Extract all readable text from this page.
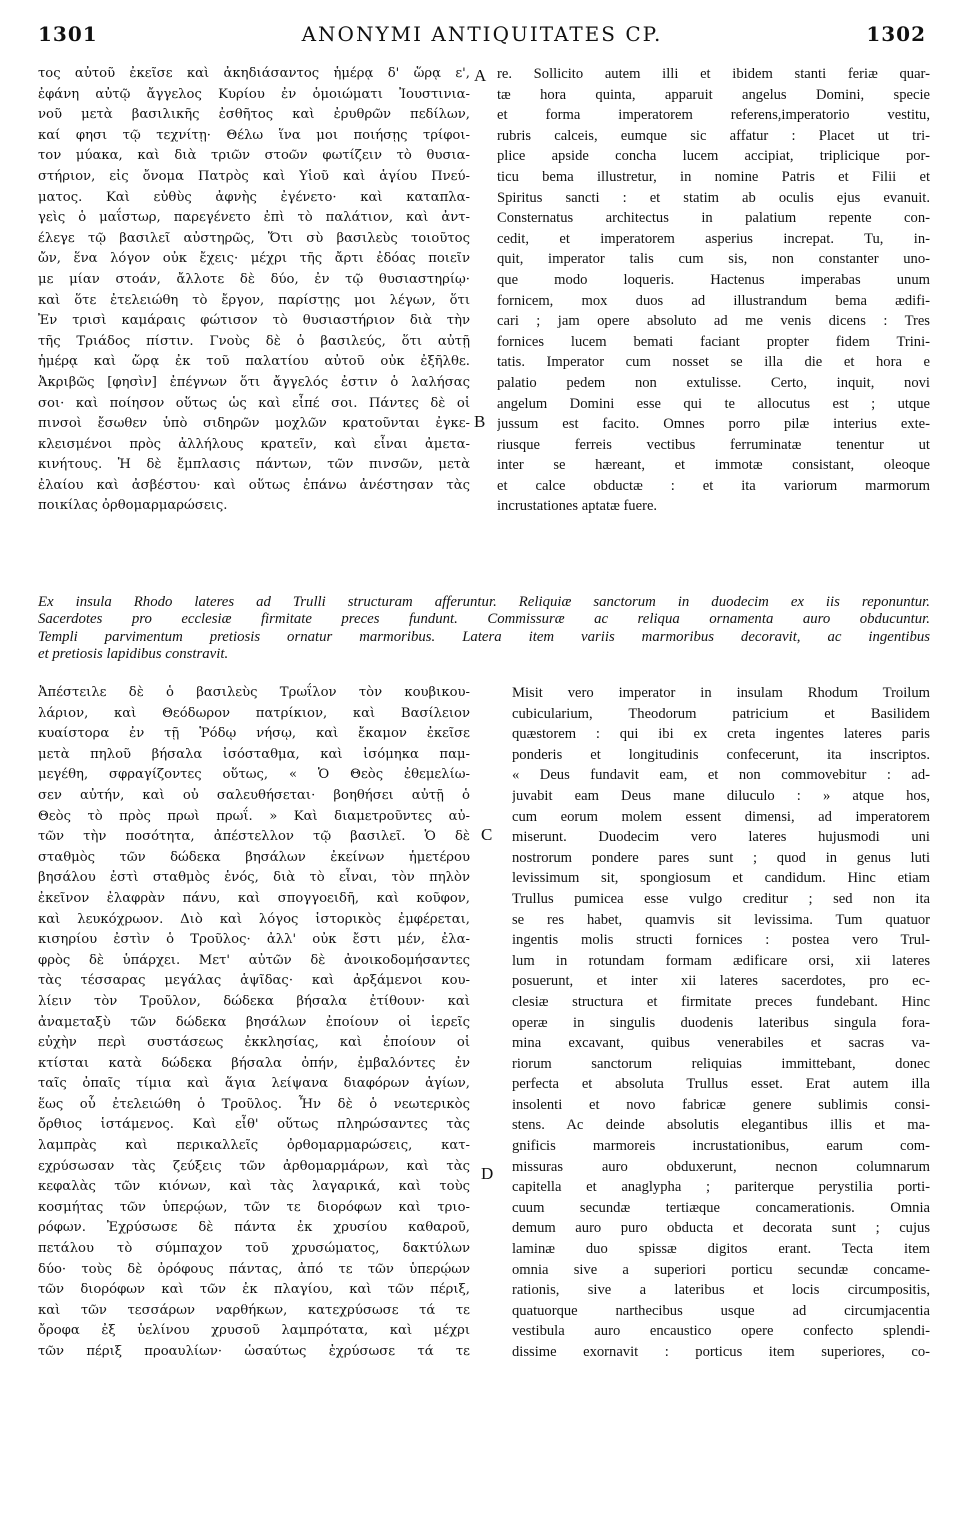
1301	ANONYMI ANTIQUITATES CP.	1302
τος αὐτοῦ ἐκεῖσε καὶ ἀκηδιάσαντος ἡμέρᾳ δ' ὥρᾳ ε',
ἐφάνη αὐτῷ ἄγγελος Κυρίου ἐν ὁμοιώματι Ἰουστινια-
νοῦ μετὰ βασιλικῆς ἐσθῆτος καὶ ἐρυθρῶν πεδίλων,
καί φησι τῷ τεχνίτῃ· Θέλω ἵνα μοι ποιήσῃς τρίφοι-
τον μύακα, καὶ διὰ τριῶν στοῶν φωτίζειν τὸ θυσια-
στήριον, εἰς ὄνομα Πατρὸς καὶ Υἱοῦ καὶ ἁγίου Πνεύ-
ματος. Καὶ εὐθὺς ἀφνὴς ἐγένετο· καὶ καταπλα-
γεὶς ὁ μαΐστωρ, παρεγένετο ἐπὶ τὸ παλάτιον, καὶ ἀντ-
έλεγε τῷ βασιλεῖ αὐστηρῶς, Ὅτι σὺ βασιλεὺς τοιοῦτος
ὤν, ἕνα λόγον οὐκ ἔχεις· μέχρι τῆς ἄρτι ἐδόας ποιεῖν
με μίαν στοάν, ἄλλοτε δὲ δύο, ἐν τῷ θυσιαστηρίῳ·
καὶ ὅτε ἐτελειώθη τὸ ἔργον, παρίστῃς μοι λέγων, ὅτι
Ἐν τρισὶ καμάραις φώτισον τὸ θυσιαστήριον διὰ τὴν
τῆς Τριάδος πίστιν. Γνοὺς δὲ ὁ βασιλεύς, ὅτι αὐτῇ
ἡμέρᾳ καὶ ὥρᾳ ἐκ τοῦ παλατίου αὐτοῦ οὐκ ἐξῆλθε.
Ἀκριβῶς [φησὶν] ἐπέγνων ὅτι ἄγγελός ἐστιν ὁ λαλήσας
σοι· καὶ ποίησον οὕτως ὡς καὶ εἶπέ σοι. Πάντες δὲ οἱ
πινσοὶ ἔσωθεν ὑπὸ σιδηρῶν μοχλῶν κρατοῦνται ἐγκε-
κλεισμένοι πρὸς ἀλλήλους κρατεῖν, καὶ εἶναι ἀμετα-
κινήτους. Ἡ δὲ ἔμπλασις πάντων, τῶν πινσῶν, μετὰ
ἐλαίου καὶ ἀσβέστου· καὶ οὕτως ἐπάνω ἀνέστησαν τὰς
ποικίλας ὀρθομαρμαρώσεις.
re. Sollicito autem illi et ibidem stanti feriæ quar-
tæ hora quinta, apparuit angelus Domini, specie
et forma imperatorem referens,imperatorio vestitu,
rubris calceis, eumque sic affatur : Placet ut tri-
plice apside concha lucem accipiat, triplicique por-
ticu bema illustretur, in nomine Patris et Filii et
Spiritus sancti : et statim ab oculis ejus evanuit.
Consternatus architectus in palatium repente con-
cedit, et imperatorem asperius increpat. Tu, in-
quit, imperator talis cum sis, non constanter uno-
que modo loqueris. Hactenus imperabas unum
fornicem, mox duos ad illustrandum bema ædifi-
cari ; jam opere absoluto ad me venis dicens : Tres
fornices lucem bemati faciant propter fidem Trini-
tatis. Imperator cum nosset se illa die et hora e
palatio pedem non extulisse. Certo, inquit, novi
angelum Domini esse qui te allocutus est ; utque
jussum est facito. Omnes porro pilæ interius exte-
riusque ferreis vectibus ferruminatæ tenentur ut
inter se hæreant, et immotæ consistant, oleoque
et calce obductæ : et ita variorum marmorum
incrustationes aptatæ fuere.
A
B
Ex insula Rhodo lateres ad Trulli structuram afferuntur. Reliquiæ sanctorum in duodecim ex iis reponuntur.
Sacerdotes pro ecclesiæ firmitate preces fundunt. Commissuræ ac reliqua ornamenta auro obducuntur.
Templi parvimentum pretiosis ornatur marmoribus. Latera item variis marmoribus decoravit, ac ingentibus
et pretiosis lapidibus constravit.
Ἀπέστειλε δὲ ὁ βασιλεὺς Τρωΐλον τὸν κουβικου-
λάριον, καὶ Θεόδωρον πατρίκιον, καὶ Βασίλειον
κυαίστορα ἐν τῇ Ῥόδῳ νήσῳ, καὶ ἔκαμον ἐκεῖσε
μετὰ πηλοῦ βήσαλα ἰσόσταθμα, καὶ ἰσόμηκα παμ-
μεγέθη, σφραγίζοντες οὕτως, « Ὁ Θεὸς ἐθεμελίω-
σεν αὐτήν, καὶ οὐ σαλευθήσεται· βοηθήσει αὐτῇ ὁ
Θεὸς τὸ πρὸς πρωὶ πρωΐ. » Καὶ διαμετροῦντες αὐ-
τῶν τὴν ποσότητα, ἀπέστελλον τῷ βασιλεῖ. Ὁ δὲ
σταθμὸς τῶν δώδεκα βησάλων ἐκείνων ἡμετέρου
βησάλου ἐστὶ σταθμὸς ἑνός, διὰ τὸ εἶναι, τὸν πηλὸν
ἐκεῖνον ἐλαφρὰν πάνυ, καὶ σπογγοειδῆ, καὶ κοῦφον,
καὶ λευκόχρωον. Διὸ καὶ λόγος ἱστορικὸς ἐμφέρεται,
κισηρίου ἐστὶν ὁ Τροῦλος· ἀλλ' οὐκ ἔστι μέν, ἐλα-
φρὸς δὲ ὑπάρχει. Μετ' αὐτῶν δὲ ἀνοικοδομήσαντες
τὰς τέσσαρας μεγάλας ἁψῖδας· καὶ ἀρξάμενοι κου-
λίειν τὸν Τροῦλον, δώδεκα βήσαλα ἐτίθουν· καὶ
ἀναμεταξὺ τῶν δώδεκα βησάλων ἐποίουν οἱ ἱερεῖς
εὐχὴν περὶ συστάσεως ἐκκλησίας, καὶ ἐποίουν οἱ
κτίσται κατὰ δώδεκα βήσαλα ὀπήν, ἐμβαλόντες ἐν
ταῖς ὀπαῖς τίμια καὶ ἅγια λείψανα διαφόρων ἁγίων,
ἕως οὗ ἐτελειώθη ὁ Τροῦλος. Ἦν δὲ ὁ νεωτερικὸς
ὄρθιος ἱστάμενος. Καὶ εἶθ' οὕτως πληρώσαντες τὰς
λαμπρὰς καὶ περικαλλεῖς ὀρθομαρμαρώσεις, κατ-
εχρύσωσαν τὰς ζεύξεις τῶν ἀρθομαρμάρων, καὶ τὰς
κεφαλὰς τῶν κιόνων, καὶ τὰς λαγαρικά, καὶ τοὺς
κοσμήτας τῶν ὑπερῴων, τῶν τε διορόφων καὶ τριο-
ρόφων. Ἐχρύσωσε δὲ πάντα ἐκ χρυσίου καθαροῦ,
πετάλου τὸ σύμπαχον τοῦ χρυσώματος, δακτύλων
δύο· τοὺς δὲ ὀρόφους πάντας, ἀπό τε τῶν ὑπερῴων
τῶν διορόφων καὶ τῶν ἐκ πλαγίου, καὶ τῶν πέριξ,
καὶ τῶν τεσσάρων ναρθήκων, κατεχρύσωσε τά τε
ὄροφα ἐξ ὑελίνου χρυσοῦ λαμπρότατα, καὶ μέχρι
τῶν πέριξ προαυλίων· ὡσαύτως ἐχρύσωσε τά τε
Misit vero imperator in insulam Rhodum Troilum
cubicularium, Theodorum patricium et Basilidem
quæstorem : qui ibi ex creta ingentes lateres paris
ponderis et longitudinis confecerunt, ita inscriptos.
« Deus fundavit eam, et non commovebitur : ad-
juvabit eam Deus mane diluculo : » atque hos,
cum eorum molem essent dimensi, ad imperatorem
miserunt. Duodecim vero lateres hujusmodi uni
nostrorum pondere pares sunt ; quod in genus luti
levissimum sit, spongiosum et candidum. Hinc etiam
Trullus pumicea esse vulgo creditur ; sed non ita
se res habet, quamvis sit levissima. Tum quatuor
ingentis molis structi fornices : postea vero Trul-
lum in rotundam formam ædificare orsi, xii lateres
posuerunt, et inter xii lateres sacerdotes, pro ec-
clesiæ structura et firmitate preces fundebant. Hinc
operæ in singulis duodenis lateribus singula fora-
mina excavant, quibus venerabiles et sacras va-
riorum sanctorum reliquias immittebant, donec
perfecta et absoluta Trullus esset. Erat autem illa
insolenti et novo fabricæ genere sublimis consi-
stens. Ac deinde absolutis elegantibus illis et ma-
gnificis marmoreis incrustationibus, earum com-
missuras auro obduxerunt, necnon columnarum
capitella et anaglypha ; pariterque perystilia porti-
cuum secundæ tertiæque concamerationis. Omnia
demum auro puro obducta et decorata sunt ; cujus
laminæ duo spissæ digitos erant. Tecta item
omnia sive a superiori porticu secundæ concame-
rationis, sive a lateribus et locis circumpositis,
quatuorque narthecibus usque ad circumjacentia
vestibula auro encaustico opere confecto splendi-
dissime exornavit : porticus item superiores, co-
C
D
